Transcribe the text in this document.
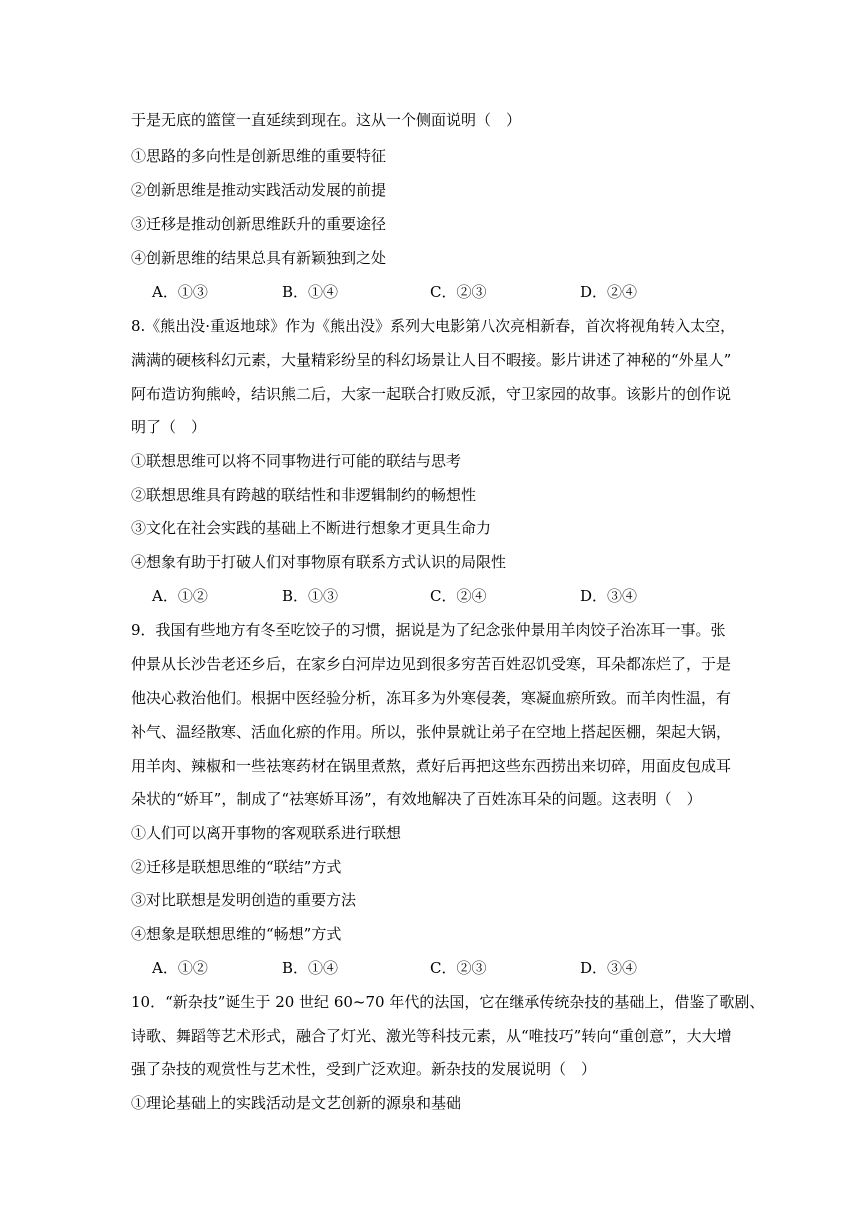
于是无底的篮筐一直延续到现在。这从一个侧面说明（　）
①思路的多向性是创新思维的重要特征
②创新思维是推动实践活动发展的前提
③迁移是推动创新思维跃升的重要途径
④创新思维的结果总具有新颖独到之处
A．①③	B．①④	C．②③	D．②④
8.《熊出没·重返地球》作为《熊出没》系列大电影第八次亮相新春，首次将视角转入太空，
满满的硬核科幻元素，大量精彩纷呈的科幻场景让人目不暇接。影片讲述了神秘的“外星人”
阿布造访狗熊岭，结识熊二后，大家一起联合打败反派，守卫家园的故事。该影片的创作说
明了（　）
①联想思维可以将不同事物进行可能的联结与思考
②联想思维具有跨越的联结性和非逻辑制约的畅想性
③文化在社会实践的基础上不断进行想象才更具生命力
④想象有助于打破人们对事物原有联系方式认识的局限性
A．①②	B．①③	C．②④	D．③④
9．我国有些地方有冬至吃饺子的习惯，据说是为了纪念张仲景用羊肉饺子治冻耳一事。张
仲景从长沙告老还乡后，在家乡白河岸边见到很多穷苦百姓忍饥受寒，耳朵都冻烂了，于是
他决心救治他们。根据中医经验分析，冻耳多为外寒侵袭，寒凝血瘀所致。而羊肉性温，有
补气、温经散寒、活血化瘀的作用。所以，张仲景就让弟子在空地上搭起医棚，架起大锅，
用羊肉、辣椒和一些祛寒药材在锅里煮熬，煮好后再把这些东西捞出来切碎，用面皮包成耳
朵状的“娇耳”，制成了“祛寒娇耳汤”，有效地解决了百姓冻耳朵的问题。这表明（　）
①人们可以离开事物的客观联系进行联想
②迁移是联想思维的“联结”方式
③对比联想是发明创造的重要方法
④想象是联想思维的“畅想”方式
A．①②	B．①④	C．②③	D．③④
10．“新杂技”诞生于 20 世纪 60~70 年代的法国，它在继承传统杂技的基础上，借鉴了歌剧、
诗歌、舞蹈等艺术形式，融合了灯光、激光等科技元素，从“唯技巧”转向“重创意”，大大增
强了杂技的观赏性与艺术性，受到广泛欢迎。新杂技的发展说明（　）
①理论基础上的实践活动是文艺创新的源泉和基础
